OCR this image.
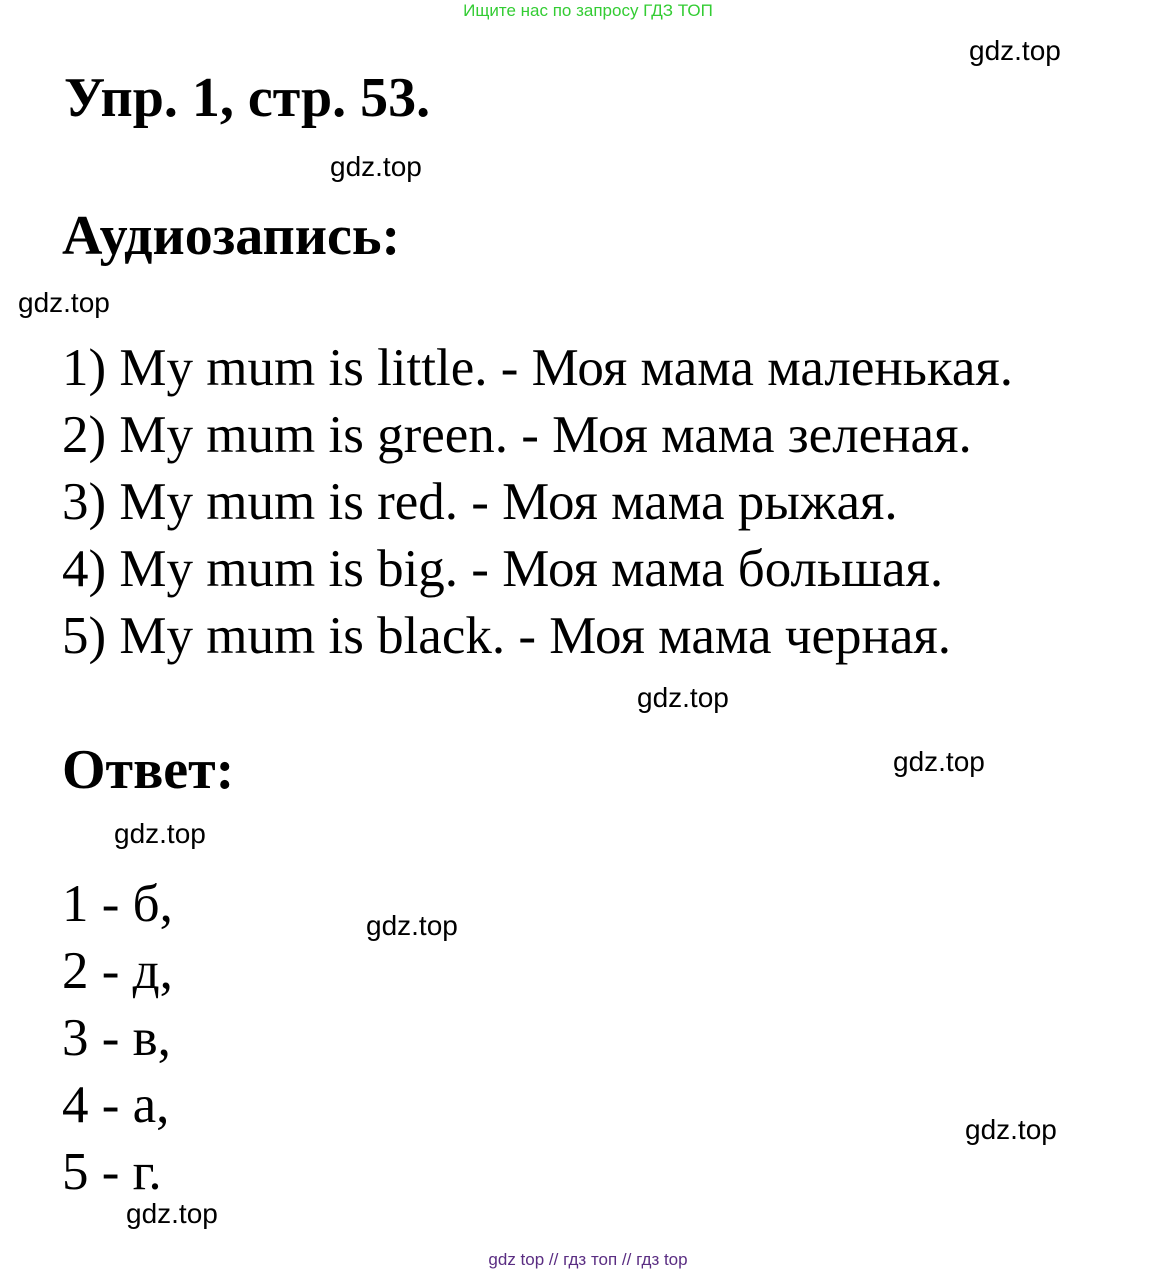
Ищите нас по запросу ГДЗ ТОП
Упр. 1, стр. 53.
Аудиозапись:
1) My mum is little. - Моя мама маленькая.
2) My mum is green. - Моя мама зеленая.
3) My mum is red. - Моя мама рыжая.
4) My mum is big. - Моя мама большая.
5) My mum is black. - Моя мама черная.
Ответ:
1 - б,
2 - д,
3 - в,
4 - а,
5 - г.
gdz.top
gdz.top
gdz.top
gdz.top
gdz.top
gdz.top
gdz.top
gdz.top
gdz.top
gdz top // гдз топ // гдз top
